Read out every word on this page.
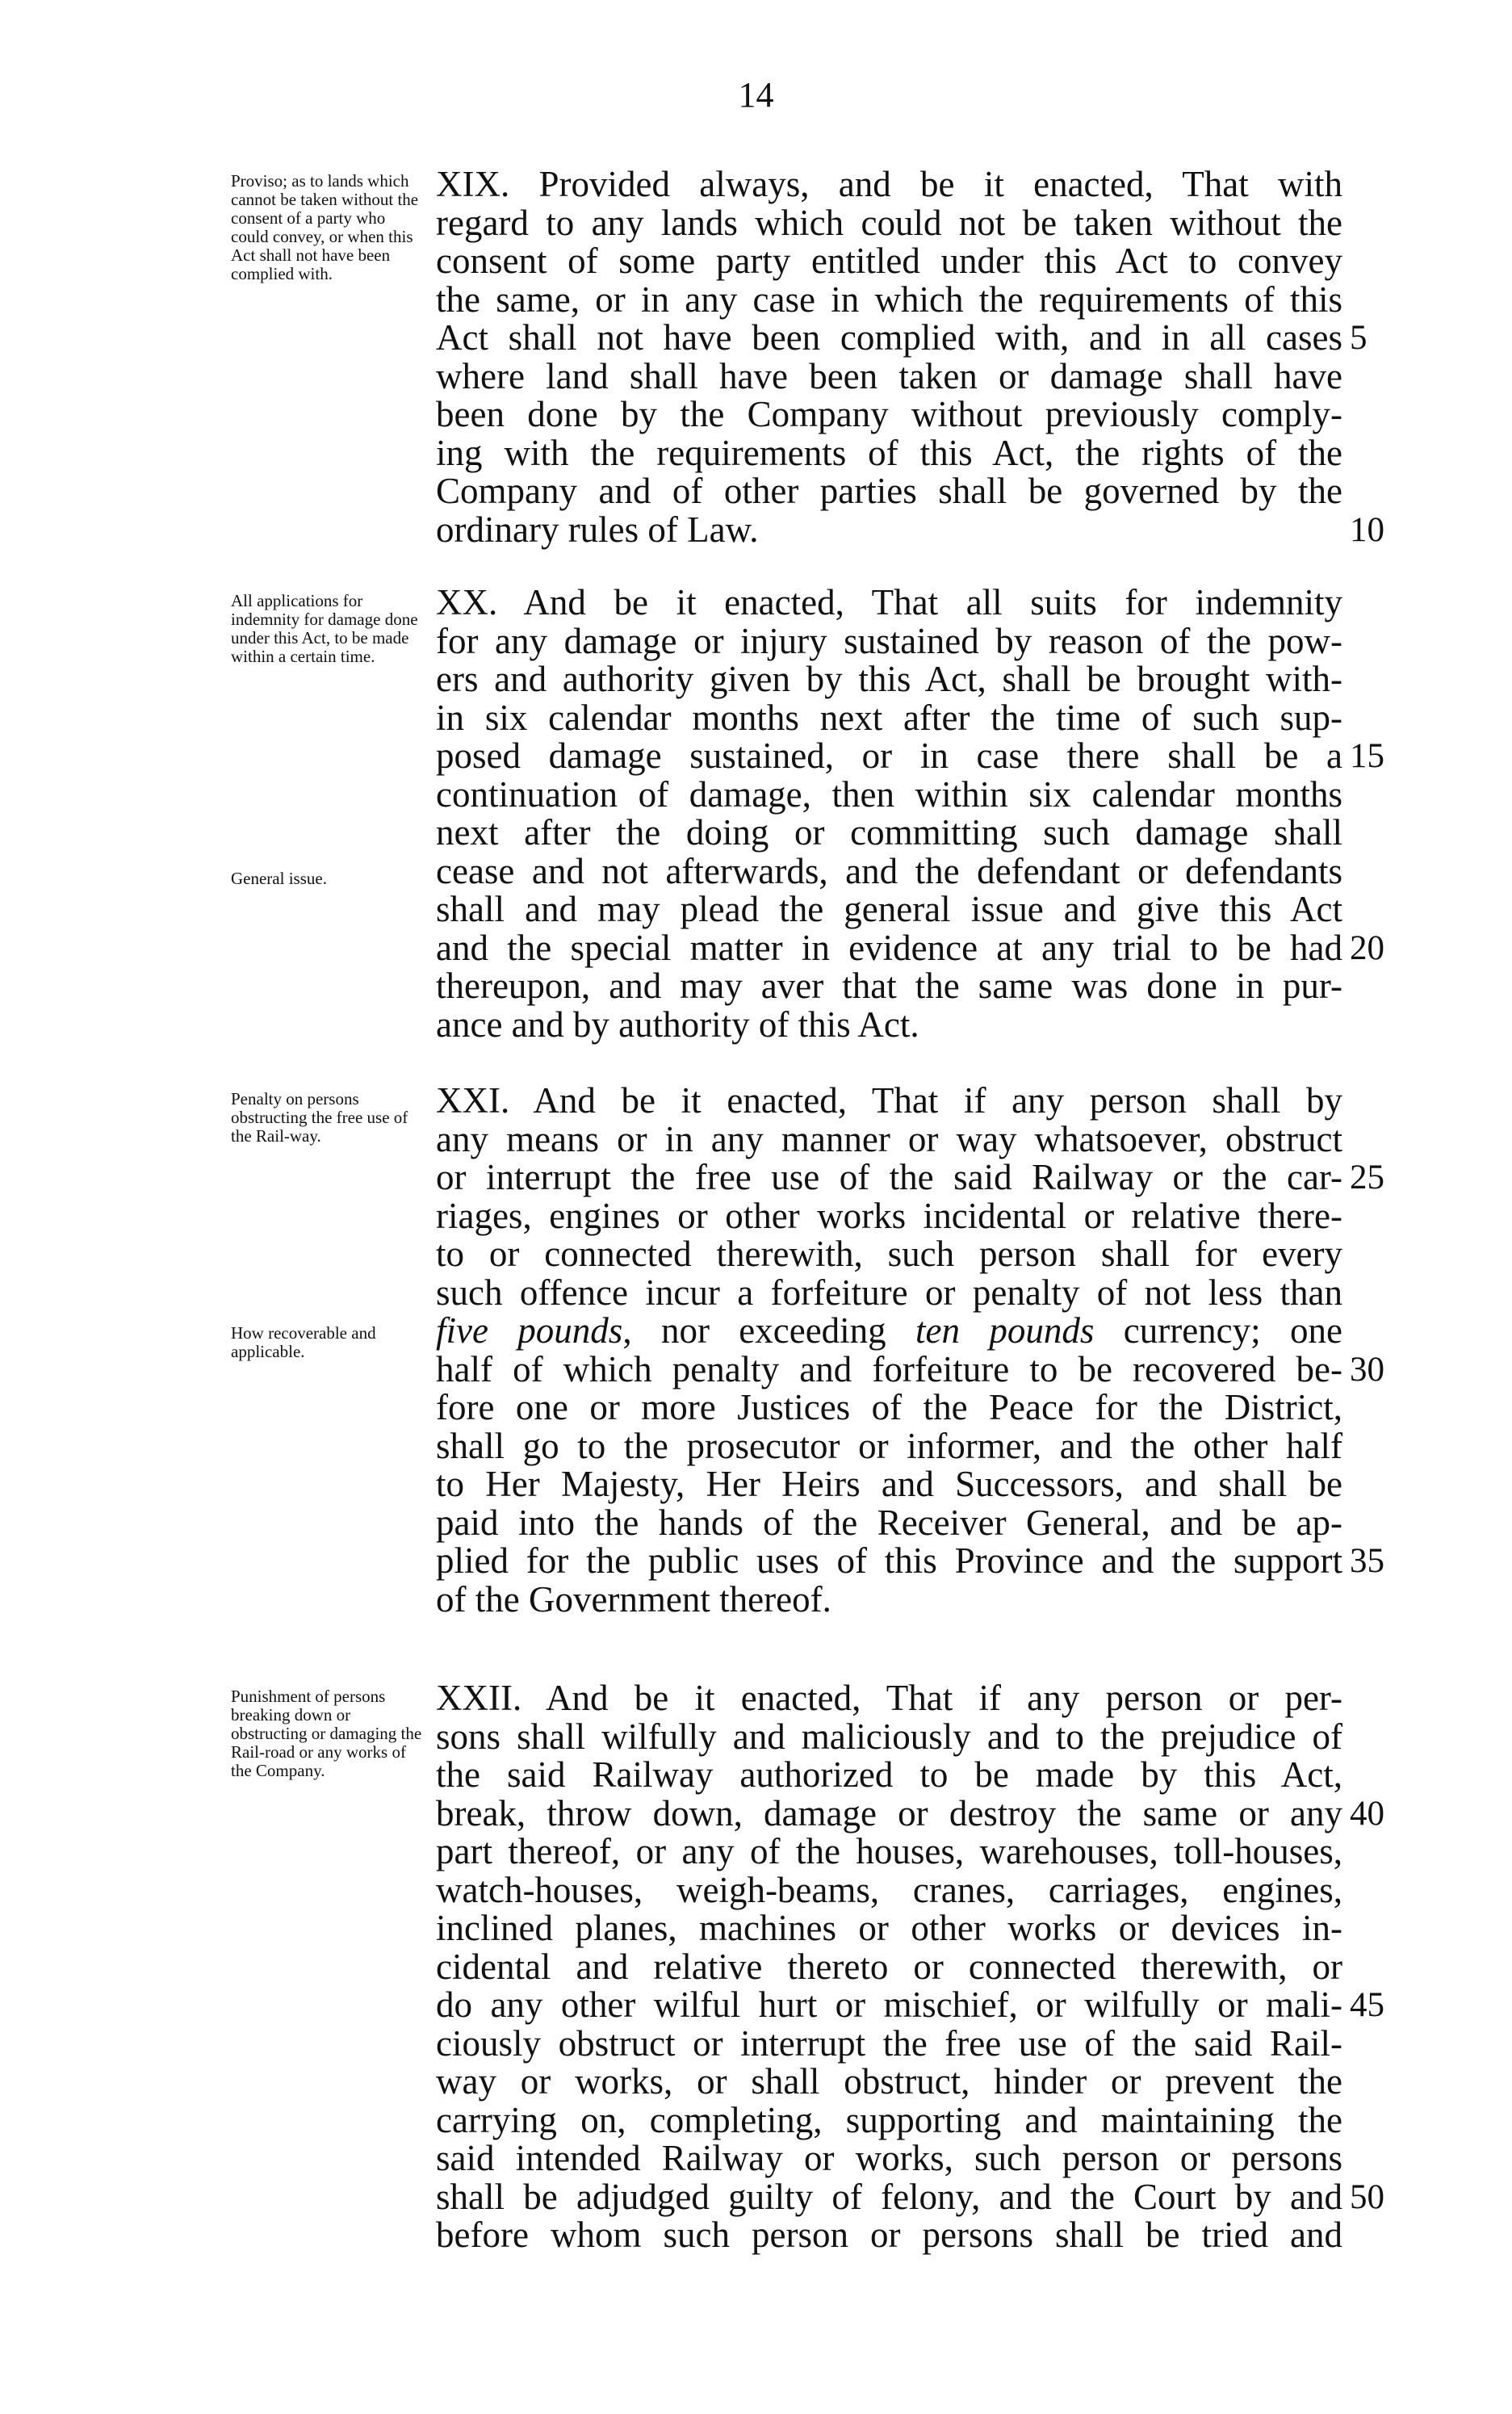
14
Proviso; as to lands which cannot be taken without the consent of a party who could convey, or when this Act shall not have been complied with.
XIX. Provided always, and be it enacted, That with
regard to any lands which could not be taken without the
consent of some party entitled under this Act to convey
the same, or in any case in which the requirements of this
Act shall not have been complied with, and in all cases
where land shall have been taken or damage shall have
been done by the Company without previously comply-
ing with the requirements of this Act, the rights of the
Company and of other parties shall be governed by the
ordinary rules of Law.
5
10
All applications for indemnity for damage done under this Act, to be made within a certain time.
General issue.
XX. And be it enacted, That all suits for indemnity
for any damage or injury sustained by reason of the pow-
ers and authority given by this Act, shall be brought with-
in six calendar months next after the time of such sup-
posed damage sustained, or in case there shall be a
continuation of damage, then within six calendar months
next after the doing or committing such damage shall
cease and not afterwards, and the defendant or defendants
shall and may plead the general issue and give this Act
and the special matter in evidence at any trial to be had
thereupon, and may aver that the same was done in pur-
ance and by authority of this Act.
15
20
Penalty on persons obstructing the free use of the Rail-way.
How recoverable and applicable.
XXI. And be it enacted, That if any person shall by
any means or in any manner or way whatsoever, obstruct
or interrupt the free use of the said Railway or the car-
riages, engines or other works incidental or relative there-
to or connected therewith, such person shall for every
such offence incur a forfeiture or penalty of not less than
five pounds, nor exceeding ten pounds currency; one
half of which penalty and forfeiture to be recovered be-
fore one or more Justices of the Peace for the District,
shall go to the prosecutor or informer, and the other half
to Her Majesty, Her Heirs and Successors, and shall be
paid into the hands of the Receiver General, and be ap-
plied for the public uses of this Province and the support
of the Government thereof.
25
30
35
Punishment of persons breaking down or obstructing or damaging the Rail-road or any works of the Company.
XXII. And be it enacted, That if any person or per-
sons shall wilfully and maliciously and to the prejudice of
the said Railway authorized to be made by this Act,
break, throw down, damage or destroy the same or any
part thereof, or any of the houses, warehouses, toll-houses,
watch-houses, weigh-beams, cranes, carriages, engines,
inclined planes, machines or other works or devices in-
cidental and relative thereto or connected therewith, or
do any other wilful hurt or mischief, or wilfully or mali-
ciously obstruct or interrupt the free use of the said Rail-
way or works, or shall obstruct, hinder or prevent the
carrying on, completing, supporting and maintaining the
said intended Railway or works, such person or persons
shall be adjudged guilty of felony, and the Court by and
before whom such person or persons shall be tried and
40
45
50
